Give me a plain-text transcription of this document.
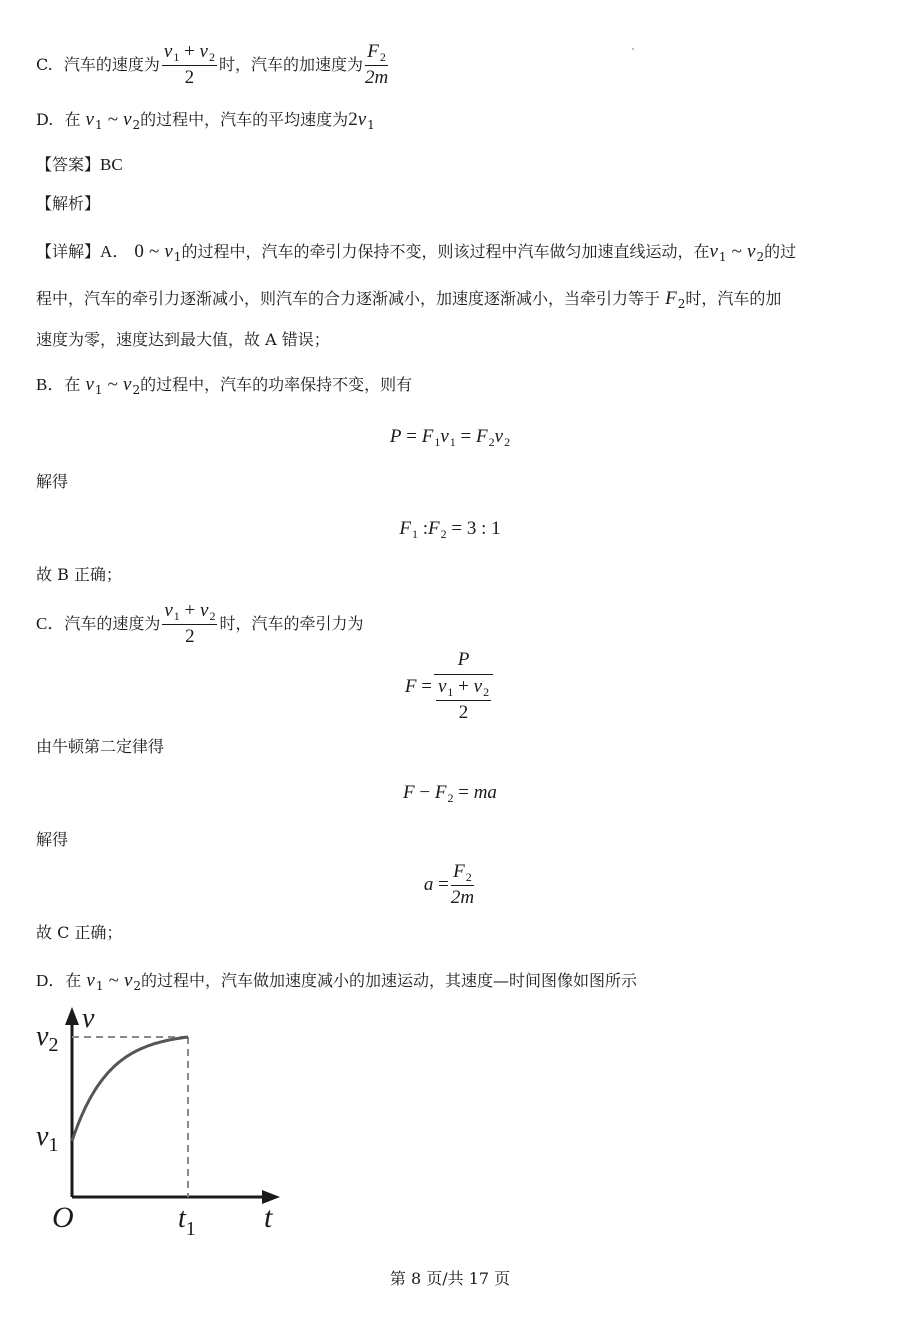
C. 汽车的速度为 $\frac{v_1 + v_2}{2}$ 时，汽车的加速度为 $\frac{F_2}{2m}$
D. 在 $v_1$ ~ $v_2$的过程中，汽车的平均速度为$2v_1$
【答案】BC
【解析】
【详解】A． 0 ~ $v_1$的过程中，汽车的牵引力保持不变，则该过程中汽车做匀加速直线运动，在$v_1$ ~ $v_2$的过
程中，汽车的牵引力逐渐减小，则汽车的合力逐渐减小，加速度逐渐减小，当牵引力等于 $F_2$时，汽车的加
速度为零，速度达到最大值，故 A 错误；
B．在 $v_1$ ~ $v_2$的过程中，汽车的功率保持不变，则有
$P = F_1v_1 = F_2v_2$
解得
$F_1$ $:F_2 = 3$ : 1
故 B 正确；
C．汽车的速度为 $\frac{v_1 + v_2}{2}$ 时，汽车的牵引力为
$F = \frac{P}{\frac{v_1 + v_2}{2}}$
由牛顿第二定律得
$F - F_2$ = ma
解得
$a = \frac{F_2}{2m}$
故 C 正确；
D．在 $v_1$ ~ $v_2$的过程中，汽车做加速度减小的加速运动，其速度—时间图像如图所示
v
t
O
$v_2$
$v_1$
$t_1$
第 8 页/共 17 页
